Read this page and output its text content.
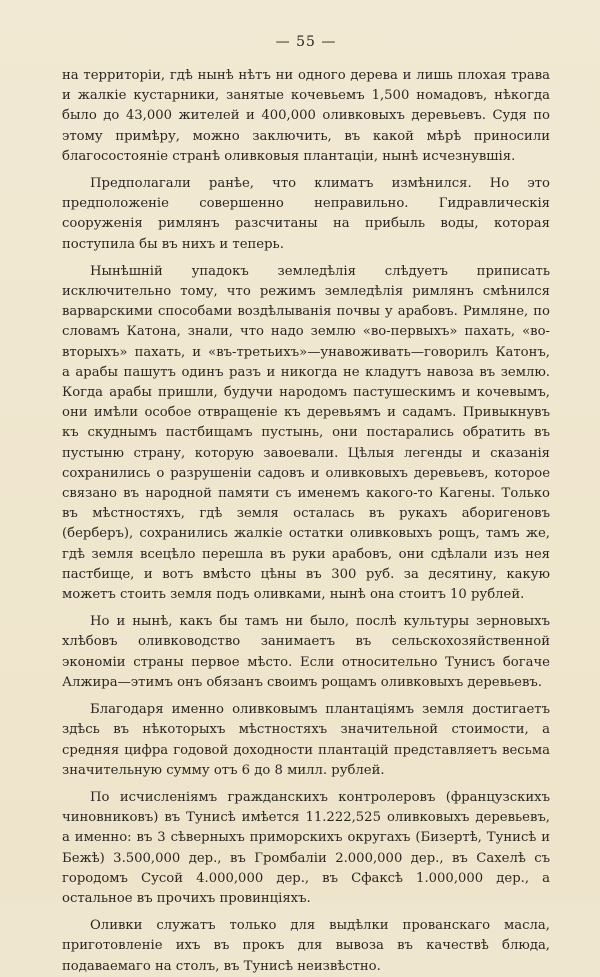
— 55 —

на территорiи, гдѣ нынѣ нѣтъ ни одного дерева и лишь плохая трава и жалкiе кустарники, занятые кочевьемъ 1,500 номадовъ, нѣкогда было до 43,000 жителей и 400,000 оливковыхъ деревьевъ. Судя по этому примѣру, можно заключить, въ какой мѣрѣ приносили благосостоянiе странѣ оливковыя плантацiи, нынѣ исчезнувшiя.

Предполагали ранѣе, что климатъ измѣнился. Но это предположенiе совершенно неправильно. Гидравлическiя сооруженiя римлянъ разсчитаны на прибыль воды, которая поступила бы въ нихъ и теперь.

Нынѣшнiй упадокъ земледѣлiя слѣдуетъ приписать исключительно тому, что режимъ земледѣлiя римлянъ смѣнился варварскими способами воздѣлыванiя почвы у арабовъ. Римляне, по словамъ Катона, знали, что надо землю «во-первыхъ» пахать, «во-вторыхъ» пахать, и «въ-третьихъ»—унавоживать—говорилъ Катонъ, а арабы пашутъ одинъ разъ и никогда не кладутъ навоза въ землю. Когда арабы пришли, будучи народомъ пастушескимъ и кочевымъ, они имѣли особое отвращенiе къ деревьямъ и садамъ. Привыкнувъ къ скуднымъ пастбищамъ пустынь, они постарались обратить въ пустыню страну, которую завоевали. Цѣлыя легенды и сказанiя сохранились о разрушенiи садовъ и оливковыхъ деревьевъ, которое связано въ народной памяти съ именемъ какого-то Кагены. Только въ мѣстностяхъ, гдѣ земля осталась въ рукахъ аборигеновъ (берберъ), сохранились жалкiе остатки оливковыхъ рощъ, тамъ же, гдѣ земля всецѣло перешла въ руки арабовъ, они сдѣлали изъ нея пастбище, и вотъ вмѣсто цѣны въ 300 руб. за десятину, какую можетъ стоить земля подъ оливками, нынѣ она стоитъ 10 рублей.

Но и нынѣ, какъ бы тамъ ни было, послѣ культуры зерновыхъ хлѣбовъ оливководство занимаетъ въ сельскохозяйственной экономiи страны первое мѣсто. Если относительно Тунисъ богаче Алжира—этимъ онъ обязанъ своимъ рощамъ оливковыхъ деревьевъ.

Благодаря именно оливковымъ плантацiямъ земля достигаетъ здѣсь въ нѣкоторыхъ мѣстностяхъ значительной стоимости, а средняя цифра годовой доходности плантацiй представляетъ весьма значительную сумму отъ 6 до 8 милл. рублей.

По исчисленiямъ гражданскихъ контролеровъ (французскихъ чиновниковъ) въ Тунисѣ имѣется 11.222,525 оливковыхъ деревьевъ, а именно: въ 3 сѣверныхъ приморскихъ округахъ (Бизертѣ, Тунисѣ и Бежѣ) 3.500,000 дер., въ Громбалiи 2.000,000 дер., въ Сахелѣ съ городомъ Сусой 4.000,000 дер., въ Сфаксѣ 1.000,000 дер., а остальное въ прочихъ провинцiяхъ.

Оливки служатъ только для выдѣлки прованскаго масла, приготовленiе ихъ въ прокъ для вывоза въ качествѣ блюда, подаваемаго на столъ, въ Тунисѣ неизвѣстно.
